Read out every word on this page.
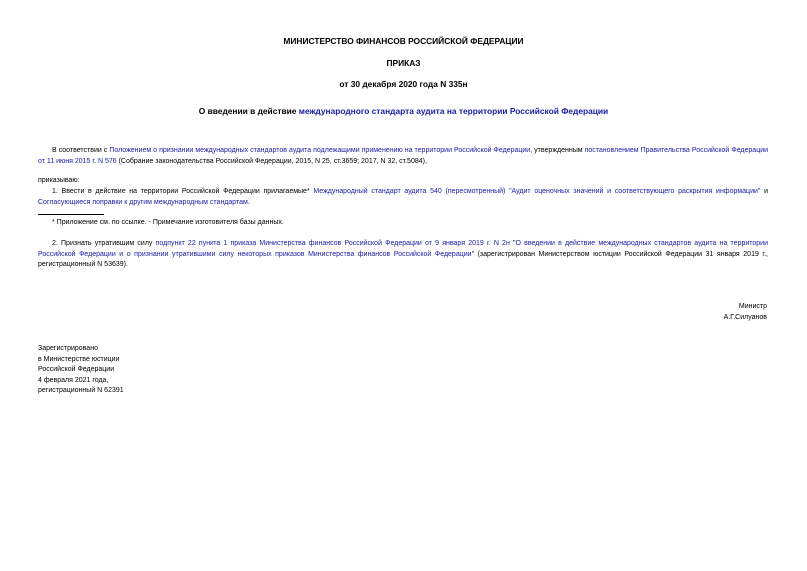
МИНИСТЕРСТВО ФИНАНСОВ РОССИЙСКОЙ ФЕДЕРАЦИИ
ПРИКАЗ
от 30 декабря 2020 года N 335н
О введении в действие международного стандарта аудита на территории Российской Федерации
В соответствии с Положением о признании международных стандартов аудита подлежащими применению на территории Российской Федерации, утвержденным постановлением Правительства Российской Федерации от 11 июня 2015 г. N 576 (Собрание законодательства Российской Федерации, 2015, N 25, ст.3659; 2017, N 32, ст.5084),
приказываю:
1. Ввести в действие на территории Российской Федерации прилагаемые* Международный стандарт аудита 540 (пересмотренный) "Аудит оценочных значений и соответствующего раскрытия информации" и Согласующиеся поправки к другим международным стандартам.
* Приложение см. по ссылке. - Примечание изготовителя базы данных.
2. Признать утратившим силу подпункт 22 пункта 1 приказа Министерства финансов Российской Федерации от 9 января 2019 г. N 2н "О введении в действие международных стандартов аудита на территории Российской Федерации и о признании утратившими силу некоторых приказов Министерства финансов Российской Федерации" (зарегистрирован Министерством юстиции Российской Федерации 31 января 2019 г., регистрационный N 53639).
Министр
А.Г.Силуанов
Зарегистрировано
в Министерстве юстиции
Российской Федерации
4 февраля 2021 года,
регистрационный N 62391
